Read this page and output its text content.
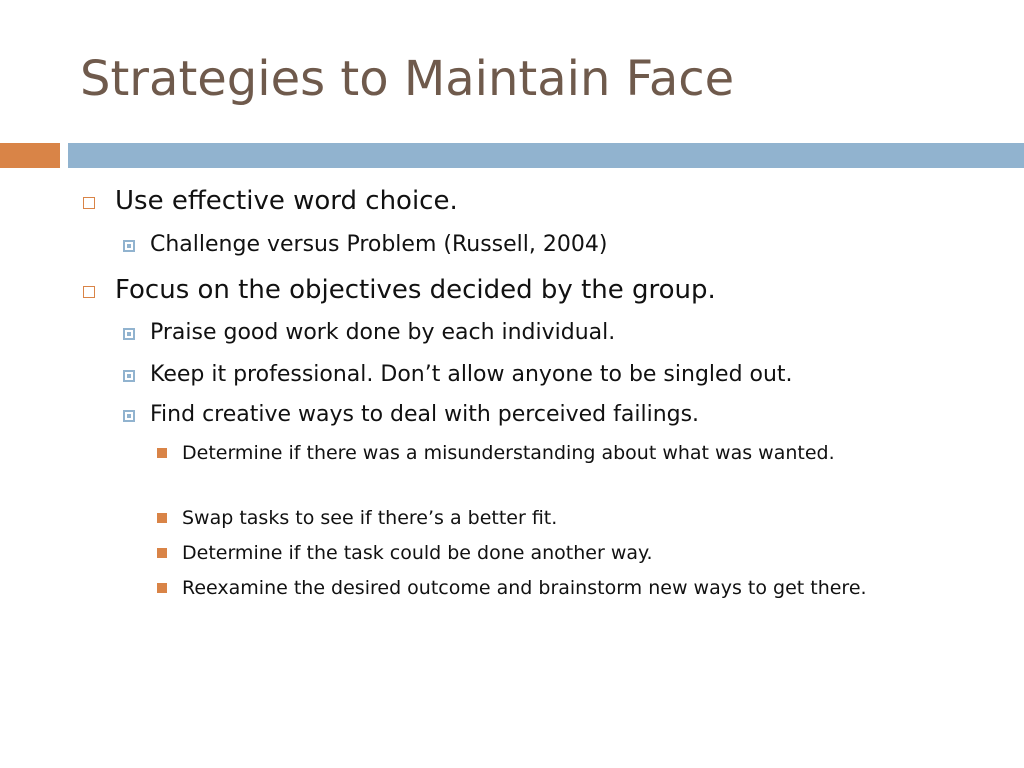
Strategies to Maintain Face
Use effective word choice.
Challenge versus Problem (Russell, 2004)
Focus on the objectives decided by the group.
Praise good work done by each individual.
Keep it professional. Don’t allow anyone to be singled out.
Find creative ways to deal with perceived failings.
Determine if there was a misunderstanding about what was wanted.
Swap tasks to see if there’s a better fit.
Determine if the task could be done another way.
Reexamine the desired outcome and brainstorm new ways to get there.
